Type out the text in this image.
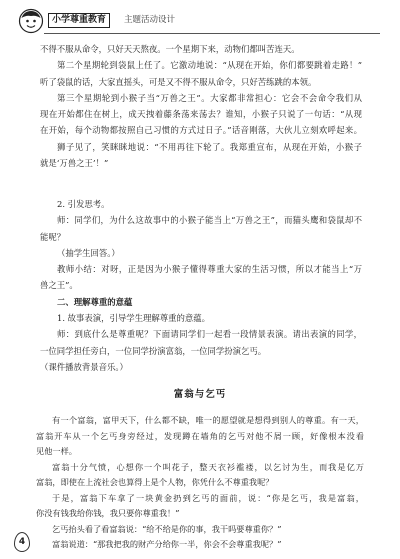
小学尊重教育	主题活动设计
不得不服从命令，只好天天熬夜。一个星期下来，动物们都叫苦连天。
第二个星期轮到袋鼠上任了。它激动地说：“从现在开始，你们都要跳着走路！”
听了袋鼠的话，大家直摇头，可是又不得不服从命令，只好苦练跳的本领。
第三个星期轮到小猴子当“万兽之王”。大家都非常担心：它会不会命令我们从
现在开始都住在树上，成天拽着藤条荡来荡去？谁知，小猴子只说了一句话：“从现
在开始，每个动物都按照自己习惯的方式过日子。”话音刚落，大伙儿立刻欢呼起来。
狮子见了，笑眯眯地说：“不用再往下轮了。我郑重宣布，从现在开始，小猴子
就是‘万兽之王’！”
2. 引发思考。
师：同学们，为什么这故事中的小猴子能当上“万兽之王”，而猫头鹰和袋鼠却不
能呢？
（抽学生回答。）
教师小结：对呀，正是因为小猴子懂得尊重大家的生活习惯，所以才能当上“万
兽之王”。
二、理解尊重的意蕴
1. 故事表演，引导学生理解尊重的意蕴。
师：到底什么是尊重呢？下面请同学们一起看一段情景表演。请出表演的同学，
一位同学担任旁白，一位同学扮演富翁，一位同学扮演乞丐。
（课件播放背景音乐。）
富翁与乞丐
有一个富翁，富甲天下，什么都不缺，唯一的愿望就是想得到别人的尊重。有一天，
富翁开车从一个乞丐身旁经过，发现蹲在墙角的乞丐对他不屑一顾，好像根本没看
见他一样。
富翁十分气愤，心想你一个叫花子，整天衣衫褴褛，以乞讨为生，而我是亿万
富翁，即使在上流社会也算得上是个人物，你凭什么不尊重我呢？
于是，富翁下车拿了一块黄金扔到乞丐的面前，说：“你是乞丐，我是富翁，
你没有钱我给你钱，我只要你尊重我！”
乞丐抬头看了看富翁说：“给不给是你的事，我干吗要尊重你？”
富翁说道：“那我把我的财产分给你一半，你会不会尊重我呢？”
4
